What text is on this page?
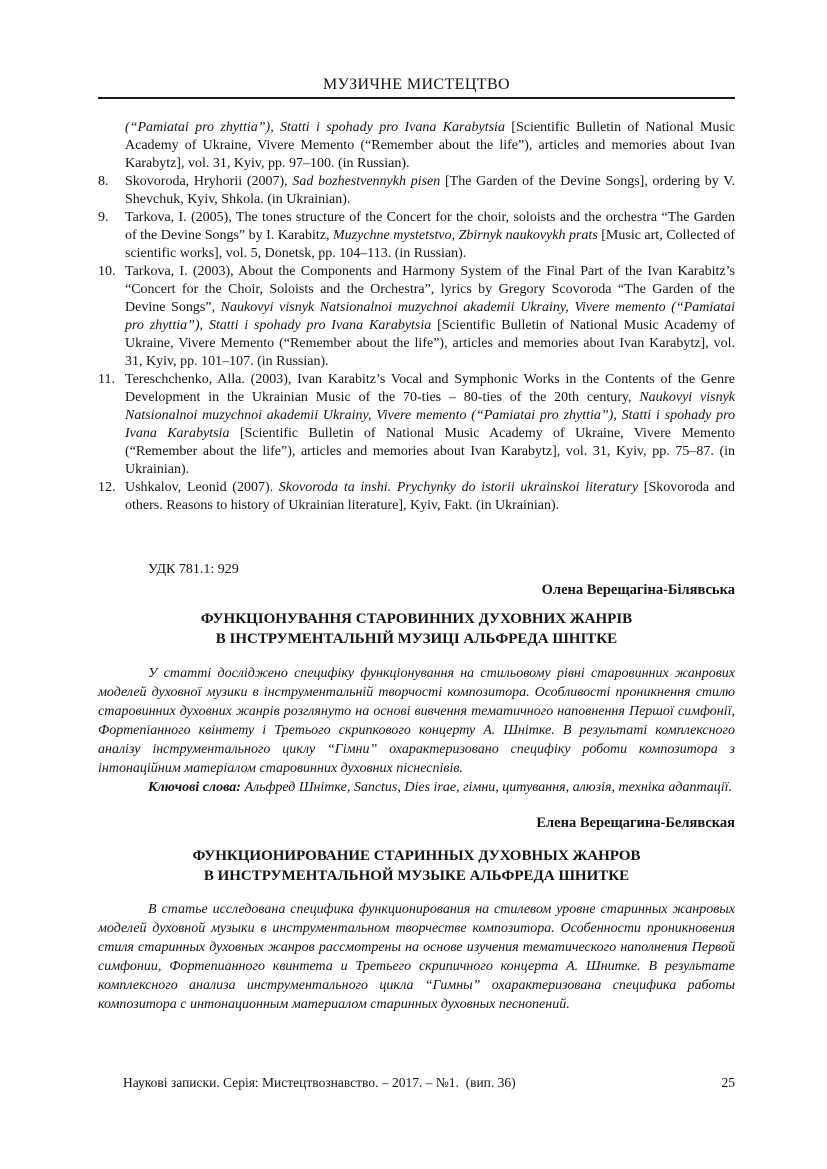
МУЗИЧНЕ МИСТЕЦТВО
(“Pamiatai pro zhyttia”), Statti i spohady pro Ivana Karabytsia [Scientific Bulletin of National Music Academy of Ukraine, Vivere Memento (“Remember about the life”), articles and memories about Ivan Karabytz], vol. 31, Kyiv, pp. 97–100. (in Russian).
8. Skovoroda, Hryhorii (2007), Sad bozhestvennykh pisen [The Garden of the Devine Songs], ordering by V. Shevchuk, Kyiv, Shkola. (in Ukrainian).
9. Tarkova, I. (2005), The tones structure of the Concert for the choir, soloists and the orchestra “The Garden of the Devine Songs” by I. Karabitz, Muzychne mystetstvo, Zbirnyk naukovykh prats [Music art, Collected of scientific works], vol. 5, Donetsk, pp. 104–113. (in Russian).
10. Tarkova, I. (2003), About the Components and Harmony System of the Final Part of the Ivan Karabitz’s “Concert for the Choir, Soloists and the Orchestra”, lyrics by Gregory Scovoroda “The Garden of the Devine Songs”, Naukovyi visnyk Natsionalnoi muzychnoi akademii Ukrainy, Vivere memento (“Pamiatai pro zhyttia”), Statti i spohady pro Ivana Karabytsia [Scientific Bulletin of National Music Academy of Ukraine, Vivere Memento (“Remember about the life”), articles and memories about Ivan Karabytz], vol. 31, Kyiv, pp. 101–107. (in Russian).
11. Tereschchenko, Alla. (2003), Ivan Karabitz’s Vocal and Symphonic Works in the Contents of the Genre Development in the Ukrainian Music of the 70-ties – 80-ties of the 20th century, Naukovyi visnyk Natsionalnoi muzychnoi akademii Ukrainy, Vivere memento (“Pamiatai pro zhyttia”), Statti i spohady pro Ivana Karabytsia [Scientific Bulletin of National Music Academy of Ukraine, Vivere Memento (“Remember about the life”), articles and memories about Ivan Karabytz], vol. 31, Kyiv, pp. 75–87. (in Ukrainian).
12. Ushkalov, Leonid (2007). Skovoroda ta inshi. Prychynky do istorii ukrainskoi literatury [Skovoroda and others. Reasons to history of Ukrainian literature], Kyiv, Fakt. (in Ukrainian).
УДК 781.1: 929
Олена Верещагіна-Білявська
ФУНКЦІОНУВАННЯ СТАРОВИННИХ ДУХОВНИХ ЖАНРІВ
В ІНСТРУМЕНТАЛЬНІЙ МУЗИЦІ АЛЬФРЕДА ШНІТКЕ

У статті досліджено специфіку функціонування на стильовому рівні старовинних жанрових моделей духовної музики в інструментальній творчості композитора. Особливості проникнення стилю старовинних духовних жанрів розглянуто на основі вивчення тематичного наповнення Першої симфонії, Фортепіанного квінтету і Третього скрипкового концерту А. Шнітке. В результаті комплексного аналізу інструментального циклу “Гімни” охарактеризовано специфіку роботи композитора з інтонаційним матеріалом старовинних духовних піснеспівів.

Ключові слова: Альфред Шнітке, Sanctus, Dies irae, гімни, цитування, алюзія, техніка адаптації.

Елена Верещагина-Белявская
ФУНКЦИОНИРОВАНИЕ СТАРИННЫХ ДУХОВНЫХ ЖАНРОВ
В ИНСТРУМЕНТАЛЬНОЙ МУЗЫКЕ АЛЬФРЕДА ШНИТКЕ

В статье исследована специфика функционирования на стилевом уровне старинных жанровых моделей духовной музыки в инструментальном творчестве композитора. Особенности проникновения стиля старинных духовных жанров рассмотрены на основе изучения тематического наполнения Первой симфонии, Фортепианного квинтета и Третьего скрипичного концерта А. Шнитке. В результате комплексного анализа инструментального цикла “Гимны” охарактеризована специфика работы композитора с интонационным материалом старинных духовных песнопений.

Наукові записки. Серія: Мистецтвознавство. – 2017. – №1.  (вип. 36)	25
